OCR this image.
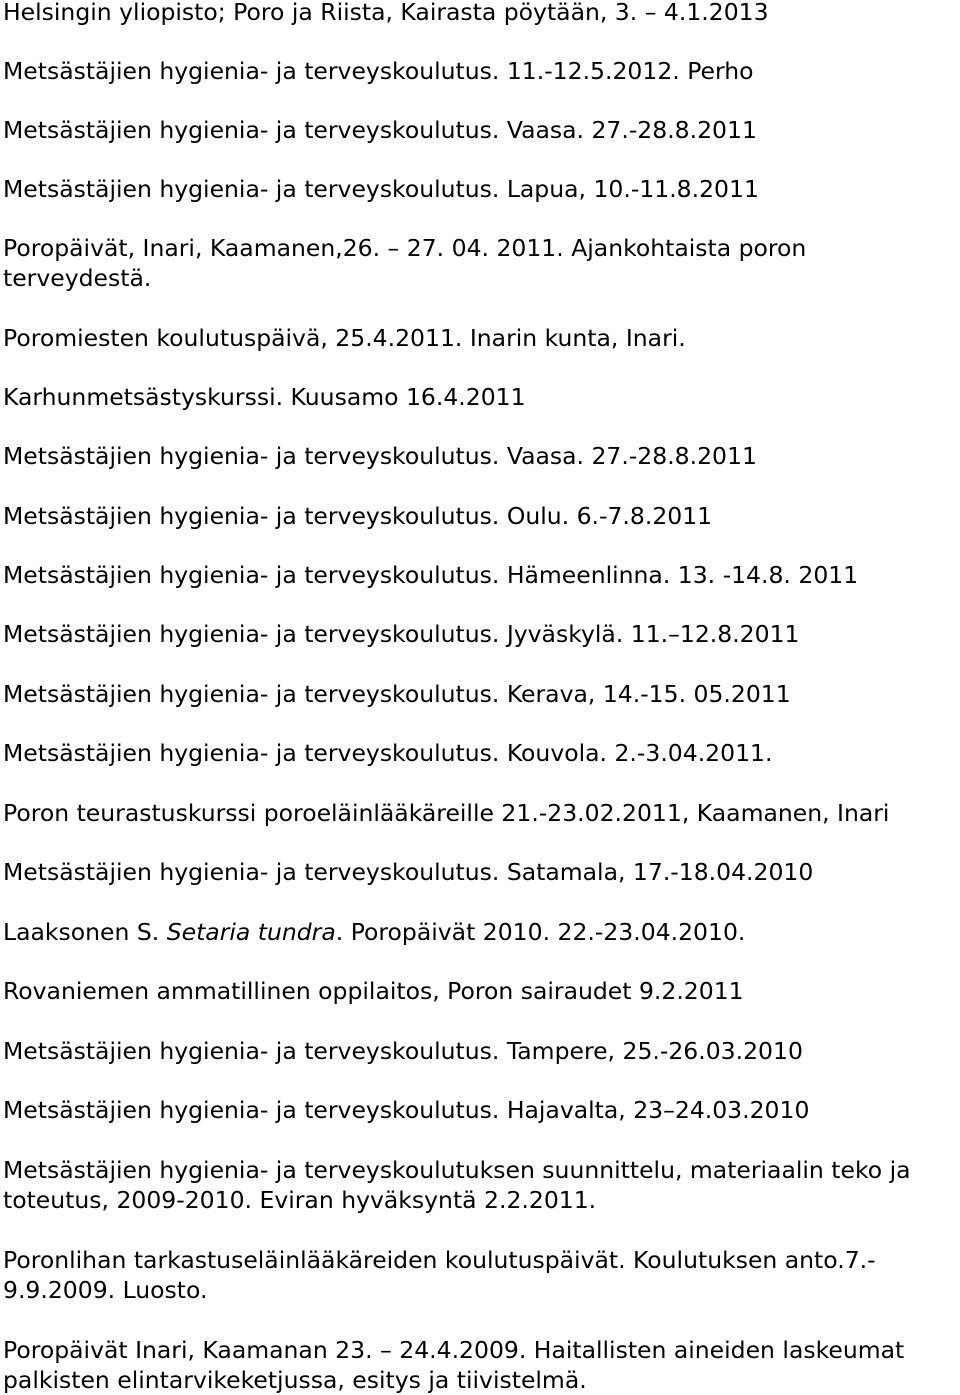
Helsingin yliopisto; Poro ja Riista, Kairasta pöytään, 3. – 4.1.2013
Metsästäjien hygienia- ja terveyskoulutus. 11.-12.5.2012. Perho
Metsästäjien hygienia- ja terveyskoulutus. Vaasa. 27.-28.8.2011
Metsästäjien hygienia- ja terveyskoulutus. Lapua, 10.-11.8.2011
Poropäivät, Inari, Kaamanen,26. – 27. 04. 2011. Ajankohtaista poron
terveydestä.
Poromiesten koulutuspäivä, 25.4.2011. Inarin kunta, Inari.
Karhunmetsästyskurssi. Kuusamo 16.4.2011
Metsästäjien hygienia- ja terveyskoulutus. Vaasa. 27.-28.8.2011
Metsästäjien hygienia- ja terveyskoulutus. Oulu. 6.-7.8.2011
Metsästäjien hygienia- ja terveyskoulutus. Hämeenlinna. 13. -14.8. 2011
Metsästäjien hygienia- ja terveyskoulutus. Jyväskylä. 11.–12.8.2011
Metsästäjien hygienia- ja terveyskoulutus. Kerava, 14.-15. 05.2011
Metsästäjien hygienia- ja terveyskoulutus. Kouvola. 2.-3.04.2011.
Poron teurastuskurssi poroeläinlääkäreille 21.-23.02.2011, Kaamanen, Inari
Metsästäjien hygienia- ja terveyskoulutus. Satamala, 17.-18.04.2010
Laaksonen S. Setaria tundra. Poropäivät 2010. 22.-23.04.2010.
Rovaniemen ammatillinen oppilaitos, Poron sairaudet 9.2.2011
Metsästäjien hygienia- ja terveyskoulutus. Tampere, 25.-26.03.2010
Metsästäjien hygienia- ja terveyskoulutus. Hajavalta, 23–24.03.2010
Metsästäjien hygienia- ja terveyskoulutuksen suunnittelu, materiaalin teko ja
toteutus, 2009-2010. Eviran hyväksyntä 2.2.2011.
Poronlihan tarkastuseläinlääkäreiden koulutuspäivät. Koulutuksen anto.7.-
9.9.2009. Luosto.
Poropäivät Inari, Kaamanan 23. – 24.4.2009. Haitallisten aineiden laskeumat
palkisten elintarvikeketjussa, esitys ja tiivistelmä.
